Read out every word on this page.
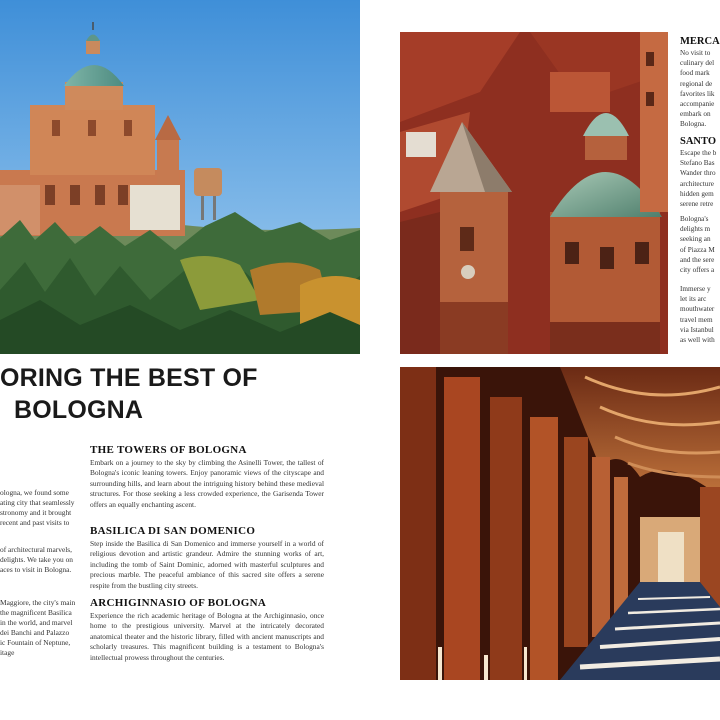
ORING THE BEST OF
BOLOGNA
ologna, we found some
ating city that seamlessly
stronomy and it brought
recent and past visits to
of architectural marvels,
delights. We take you on
aces to visit in Bologna.
Maggiore, the city's main
the magnificent Basilica
in the world, and marvel
dei Banchi and Palazzo
ic Fountain of Neptune,
itage
THE TOWERS OF BOLOGNA

Embark on a journey to the sky by climbing the Asinelli Tower, the tallest of Bologna's iconic leaning towers. Enjoy panoramic views of the cityscape and surrounding hills, and learn about the intriguing history behind these medieval structures. For those seeking a less crowded experience, the Garisenda Tower offers an equally enchanting ascent.

BASILICA DI SAN DOMENICO

Step inside the Basilica di San Domenico and immerse yourself in a world of religious devotion and artistic grandeur. Admire the stunning works of art, including the tomb of Saint Dominic, adorned with masterful sculptures and precious marble. The peaceful ambiance of this sacred site offers a serene respite from the bustling city streets.

ARCHIGINNASIO OF BOLOGNA

Experience the rich academic heritage of Bologna at the Archiginnasio, once home to the prestigious university. Marvel at the intricately decorated anatomical theater and the historic library, filled with ancient manuscripts and scholarly treasures. This magnificent building is a testament to Bologna's intellectual prowess throughout the centuries.

MERCA
No visit to
culinary del
food mark
regional de
favorites lik
accompanie
embark on
Bologna.
SANTO
Escape the b
Stefano Bas
Wander thro
architecture
hidden gem
serene retre
Bologna's
delights m
seeking an
of Piazza M
and the sere
city offers a
Immerse y
let its arc
mouthwater
travel mem
via Istanbul
as well with
